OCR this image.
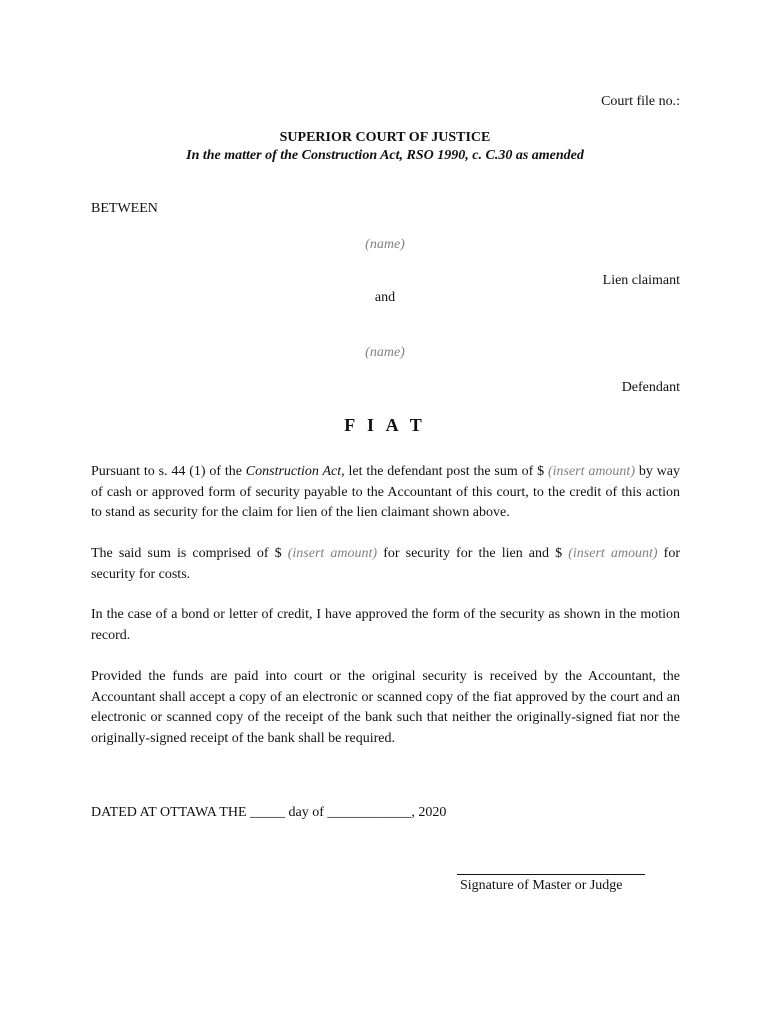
Court file no.:
SUPERIOR COURT OF JUSTICE
In the matter of the Construction Act, RSO 1990, c. C.30 as amended
BETWEEN
(name)
Lien claimant
and
(name)
Defendant
F I A T

Pursuant to s. 44 (1) of the Construction Act, let the defendant post the sum of $ (insert amount) by way of cash or approved form of security payable to the Accountant of this court, to the credit of this action to stand as security for the claim for lien of the lien claimant shown above.

The said sum is comprised of $ (insert amount) for security for the lien and $ (insert amount) for security for costs.

In the case of a bond or letter of credit, I have approved the form of the security as shown in the motion record.

Provided the funds are paid into court or the original security is received by the Accountant, the Accountant shall accept a copy of an electronic or scanned copy of the fiat approved by the court and an electronic or scanned copy of the receipt of the bank such that neither the originally-signed fiat nor the originally-signed receipt of the bank shall be required.

DATED AT OTTAWA THE _____ day of ____________, 2020
Signature of Master or Judge
